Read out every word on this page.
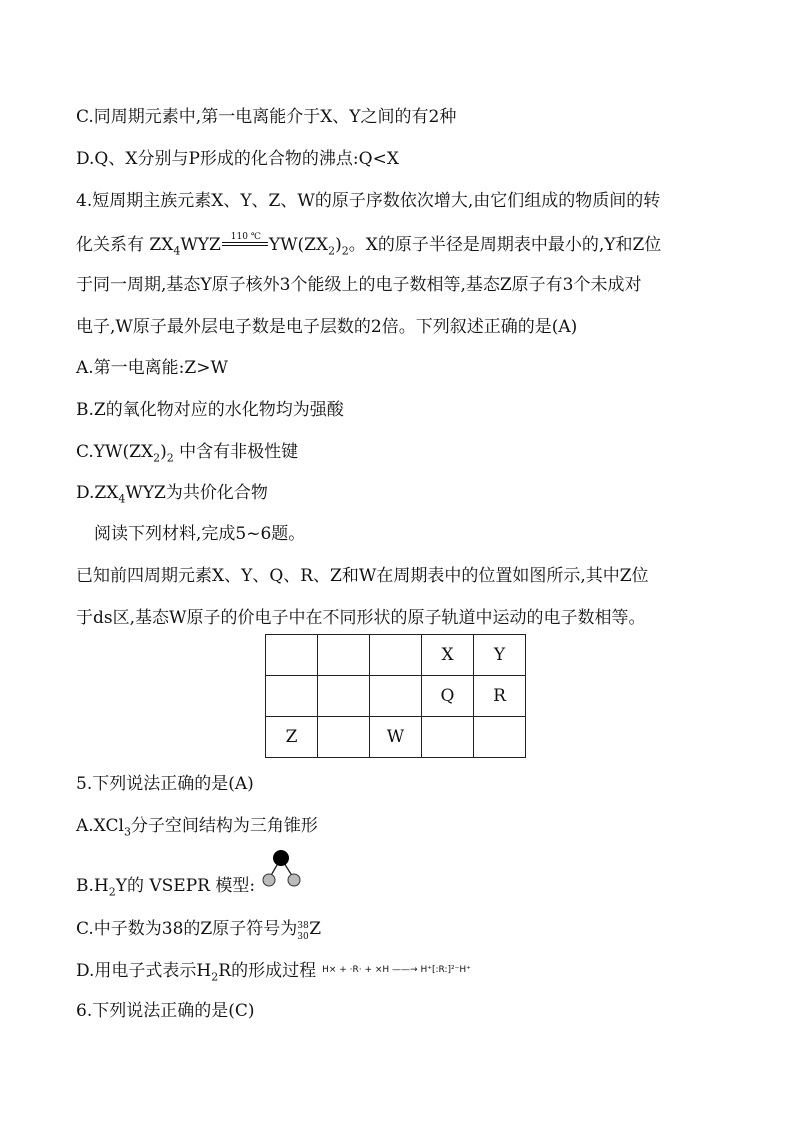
C.同周期元素中,第一电离能介于X、Y之间的有2种
D.Q、X分别与P形成的化合物的沸点:Q<X
4.短周期主族元素X、Y、Z、W的原子序数依次增大,由它们组成的物质间的转
化关系有 $ZX_4WYZ$	110 ℃ $YW(ZX_2)_2$。X的原子半径是周期表中最小的,Y和Z位
于同一周期,基态Y原子核外3个能级上的电子数相等,基态Z原子有3个未成对
电子,W原子最外层电子数是电子层数的2倍。下列叙述正确的是(A)
A.第一电离能:Z>W
B.Z的氧化物对应的水化物均为强酸
$C.YW(ZX_2)_2$ 中含有非极性键
$D.ZX_4WYZ$为共价化合物
阅读下列材料,完成5~6题。
已知前四周期元素X、Y、Q、R、Z和W在周期表中的位置如图所示,其中Z位
于ds区,基态W原子的价电子中在不同形状的原子轨道中运动的电子数相等。
			X	Y
			Q	R
Z		W		
5.下列说法正确的是(A)
A.XCl$_3$分子空间结构为三角锥形
$B.H_2Y$的 VSEPR 模型:
C.中子数为38的Z原子符号为 38
30 Z
D.用电子式表示$H_2R$的形成过程 H× + ·R· + ×H ——→ H⁺[:R:]²⁻H⁺
6.下列说法正确的是(C)
